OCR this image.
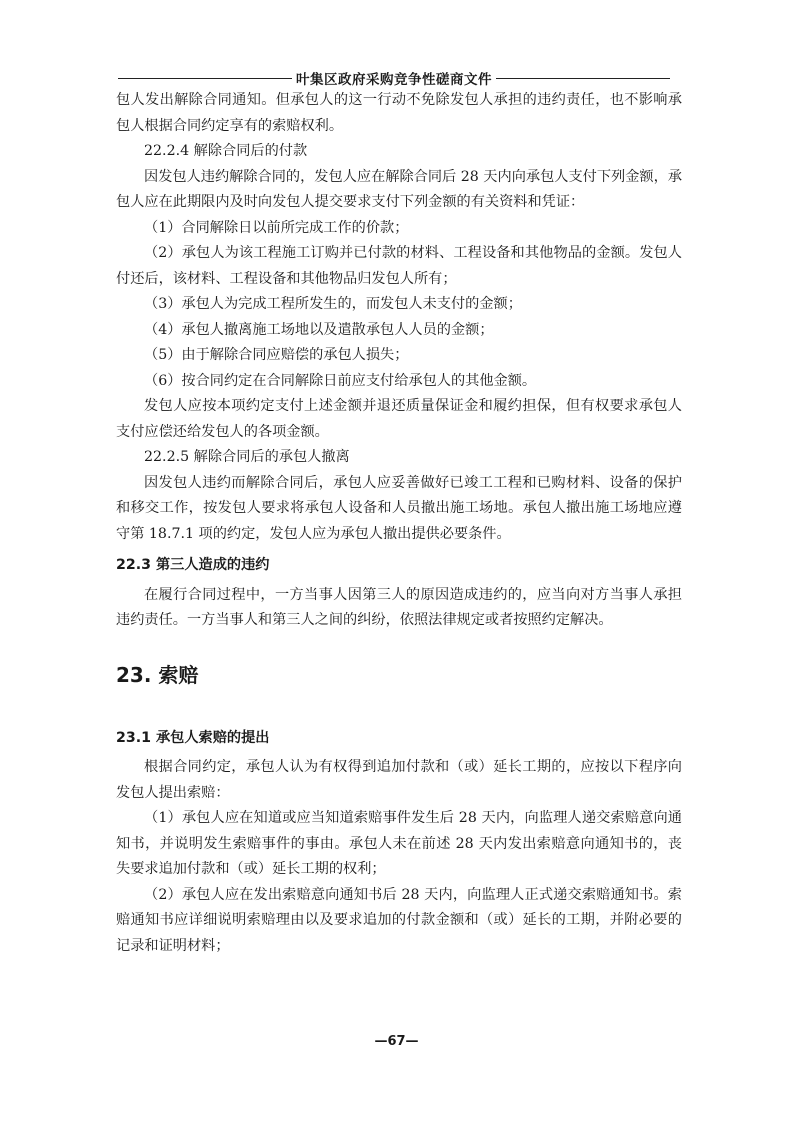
叶集区政府采购竞争性磋商文件

包人发出解除合同通知。但承包人的这一行动不免除发包人承担的违约责任，也不影响承包人根据合同约定享有的索赔权利。

22.2.4 解除合同后的付款

因发包人违约解除合同的，发包人应在解除合同后 28 天内向承包人支付下列金额，承包人应在此期限内及时向发包人提交要求支付下列金额的有关资料和凭证：

（1）合同解除日以前所完成工作的价款；

（2）承包人为该工程施工订购并已付款的材料、工程设备和其他物品的金额。发包人付还后，该材料、工程设备和其他物品归发包人所有；

（3）承包人为完成工程所发生的，而发包人未支付的金额；

（4）承包人撤离施工场地以及遣散承包人人员的金额；

（5）由于解除合同应赔偿的承包人损失；

（6）按合同约定在合同解除日前应支付给承包人的其他金额。

发包人应按本项约定支付上述金额并退还质量保证金和履约担保，但有权要求承包人支付应偿还给发包人的各项金额。

22.2.5 解除合同后的承包人撤离

因发包人违约而解除合同后，承包人应妥善做好已竣工工程和已购材料、设备的保护和移交工作，按发包人要求将承包人设备和人员撤出施工场地。承包人撤出施工场地应遵守第 18.7.1 项的约定，发包人应为承包人撤出提供必要条件。

22.3 第三人造成的违约

在履行合同过程中，一方当事人因第三人的原因造成违约的，应当向对方当事人承担违约责任。一方当事人和第三人之间的纠纷，依照法律规定或者按照约定解决。

23. 索赔
23.1 承包人索赔的提出

根据合同约定，承包人认为有权得到追加付款和（或）延长工期的，应按以下程序向发包人提出索赔：

（1）承包人应在知道或应当知道索赔事件发生后 28 天内，向监理人递交索赔意向通知书，并说明发生索赔事件的事由。承包人未在前述 28 天内发出索赔意向通知书的，丧失要求追加付款和（或）延长工期的权利；

（2）承包人应在发出索赔意向通知书后 28 天内，向监理人正式递交索赔通知书。索赔通知书应详细说明索赔理由以及要求追加的付款金额和（或）延长的工期，并附必要的记录和证明材料；

—67—
